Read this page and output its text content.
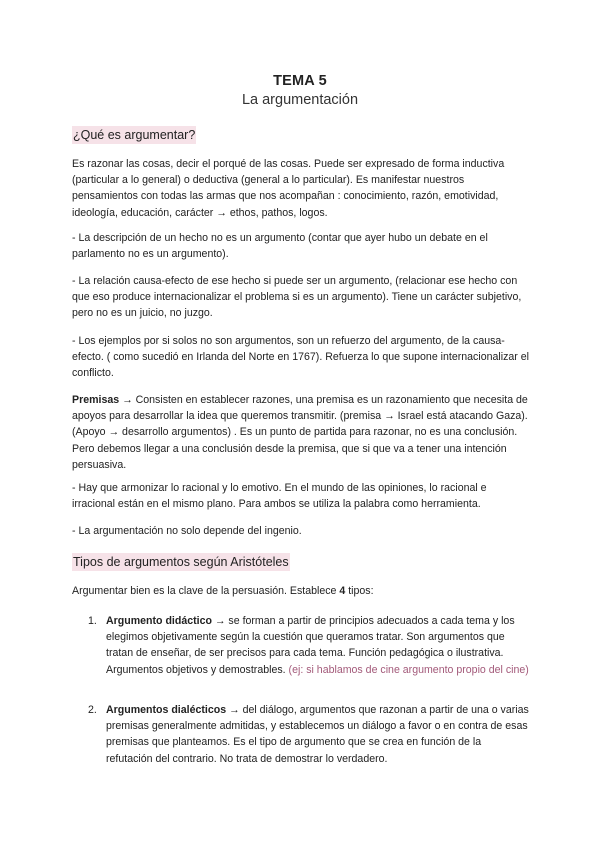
TEMA 5
La argumentación
¿Qué es argumentar?
Es razonar las cosas, decir el porqué de las cosas. Puede ser expresado de forma inductiva (particular a lo general) o deductiva (general a lo particular). Es manifestar nuestros pensamientos con todas las armas que nos acompañan : conocimiento, razón, emotividad, ideología, educación, carácter → ethos, pathos, logos.
- La descripción de un hecho no es un argumento (contar que ayer hubo un debate en el parlamento no es un argumento).
- La relación causa-efecto de ese hecho si puede ser un argumento, (relacionar ese hecho con que eso produce internacionalizar el problema si es un argumento). Tiene un carácter subjetivo, pero no es un juicio, no juzgo.
- Los ejemplos por si solos no son argumentos, son un refuerzo del argumento, de la causa-efecto. ( como sucedió en Irlanda del Norte en 1767). Refuerza lo que supone internacionalizar el conflicto.
Premisas → Consisten en establecer razones, una premisa es un razonamiento que necesita de apoyos para desarrollar la idea que queremos transmitir. (premisa → Israel está atacando Gaza). (Apoyo → desarrollo argumentos) . Es un punto de partida para razonar, no es una conclusión. Pero debemos llegar a una conclusión desde la premisa, que si que va a tener una intención persuasiva.
- Hay que armonizar lo racional y lo emotivo. En el mundo de las opiniones, lo racional e irracional están en el mismo plano. Para ambos se utiliza la palabra como herramienta.
- La argumentación no solo depende del ingenio.
Tipos de argumentos según Aristóteles
Argumentar bien es la clave de la persuasión. Establece 4 tipos:
1. Argumento didáctico → se forman a partir de principios adecuados a cada tema y los elegimos objetivamente según la cuestión que queramos tratar. Son argumentos que tratan de enseñar, de ser precisos para cada tema. Función pedagógica o ilustrativa. Argumentos objetivos y demostrables. (ej: si hablamos de cine argumento propio del cine)
2. Argumentos dialécticos → del diálogo, argumentos que razonan a partir de una o varias premisas generalmente admitidas, y establecemos un diálogo a favor o en contra de esas premisas que planteamos. Es el tipo de argumento que se crea en función de la refutación del contrario. No trata de demostrar lo verdadero.
